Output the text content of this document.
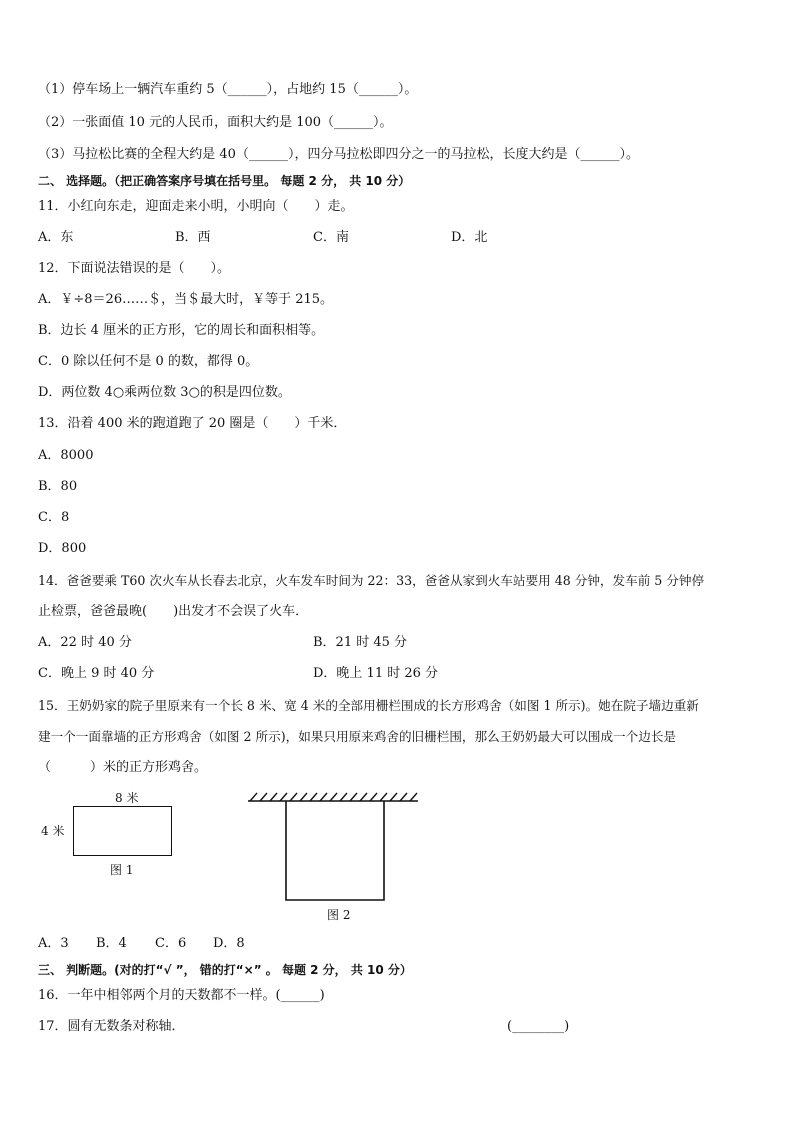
（1）停车场上一辆汽车重约 5（______），占地约 15（______）。
（2）一张面值 10 元的人民币，面积大约是 100（______）。
（3）马拉松比赛的全程大约是 40（______），四分马拉松即四分之一的马拉松，长度大约是（______）。
二、 选择题。（把正确答案序号填在括号里。 每题 2 分， 共 10 分）
11．小红向东走，迎面走来小明，小明向（　　）走。
A．东	B．西	C．南	D．北
12．下面说法错误的是（　　）。
A．￥÷8＝26……＄，当＄最大时，￥等于 215。
B．边长 4 厘米的正方形，它的周长和面积相等。
C．0 除以任何不是 0 的数，都得 0。
D．两位数 4○乘两位数 3○的积是四位数。
13．沿着 400 米的跑道跑了 20 圈是（　　）千米．
A．8000
B．80
C．8
D．800
14．爸爸要乘 T60 次火车从长春去北京，火车发车时间为 22：33，爸爸从家到火车站要用 48 分钟，发车前 5 分钟停
止检票，爸爸最晚(　　)出发才不会误了火车．
A．22 时 40 分	B．21 时 45 分
C．晚上 9 时 40 分	D．晚上 11 时 26 分
15．王奶奶家的院子里原来有一个长 8 米、宽 4 米的全部用栅栏围成的长方形鸡舍（如图 1 所示)。她在院子墙边重新
建一个一面靠墙的正方形鸡舍（如图 2 所示)，如果只用原来鸡舍的旧栅栏围，那么王奶奶最大可以围成一个边长是
（　　　）米的正方形鸡舍。
8 米
4 米
图 1
图 2
A．3 B．4 C．6 D．8
三、 判断题。(对的打“√ ”， 错的打“×” 。 每题 2 分， 共 10 分）
16．一年中相邻两个月的天数都不一样。(______)
17．圆有无数条对称轴．	(________)
